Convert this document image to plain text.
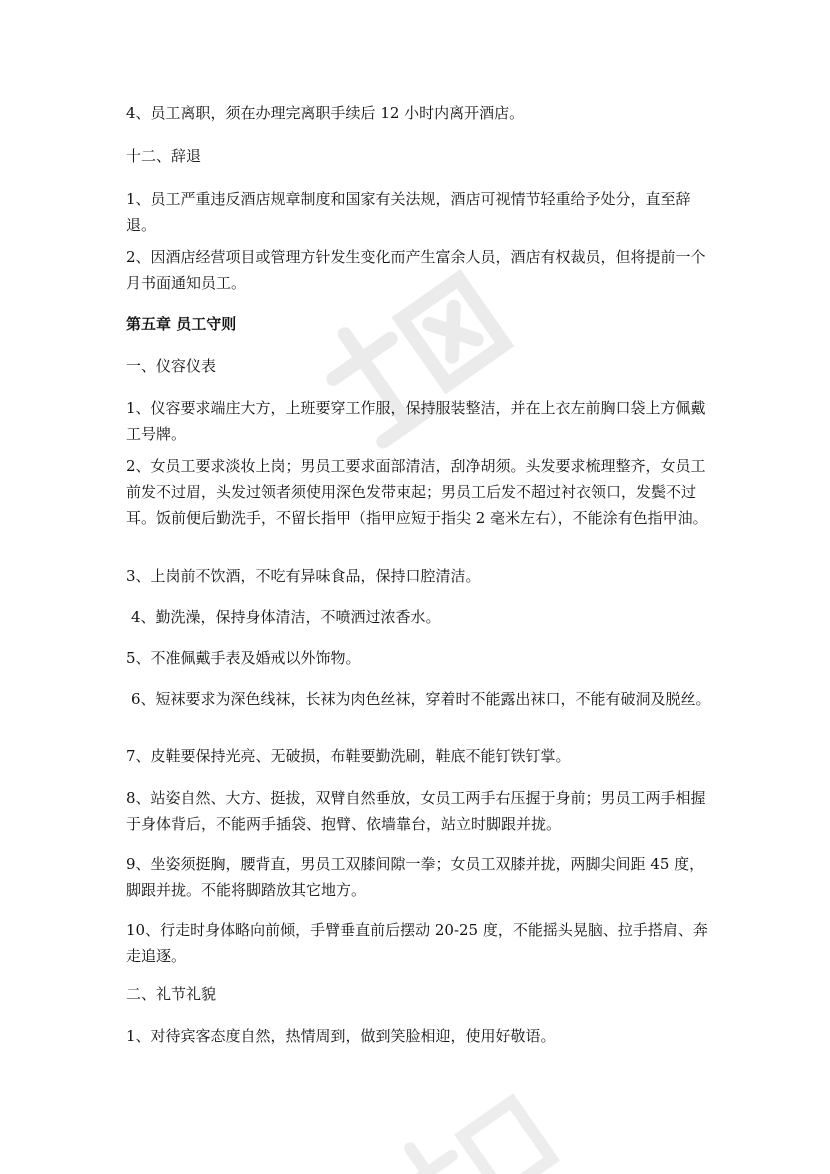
4、员工离职，须在办理完离职手续后 12 小时内离开酒店。

十二、辞退

1、员工严重违反酒店规章制度和国家有关法规，酒店可视情节轻重给予处分，直至辞退。

2、因酒店经营项目或管理方针发生变化而产生富余人员，酒店有权裁员，但将提前一个月书面通知员工。

第五章 员工守则

一、仪容仪表

1、仪容要求端庄大方，上班要穿工作服，保持服装整洁，并在上衣左前胸口袋上方佩戴工号牌。

2、女员工要求淡妆上岗；男员工要求面部清洁，刮净胡须。头发要求梳理整齐，女员工前发不过眉，头发过领者须使用深色发带束起；男员工后发不超过衬衣领口，发鬓不过耳。饭前便后勤洗手，不留长指甲（指甲应短于指尖 2 毫米左右），不能涂有色指甲油。

3、上岗前不饮酒，不吃有异味食品，保持口腔清洁。

4、勤洗澡，保持身体清洁，不喷洒过浓香水。

5、不准佩戴手表及婚戒以外饰物。

6、短袜要求为深色线袜，长袜为肉色丝袜，穿着时不能露出袜口，不能有破洞及脱丝。

7、皮鞋要保持光亮、无破损，布鞋要勤洗刷，鞋底不能钉铁钉掌。

8、站姿自然、大方、挺拔，双臂自然垂放，女员工两手右压握于身前；男员工两手相握于身体背后，不能两手插袋、抱臂、依墙靠台，站立时脚跟并拢。

9、坐姿须挺胸，腰背直，男员工双膝间隙一拳；女员工双膝并拢，两脚尖间距 45 度，脚跟并拢。不能将脚踏放其它地方。

10、行走时身体略向前倾，手臂垂直前后摆动 20-25 度，不能摇头晃脑、拉手搭肩、奔走追逐。

二、礼节礼貌

1、对待宾客态度自然，热情周到，做到笑脸相迎，使用好敬语。
